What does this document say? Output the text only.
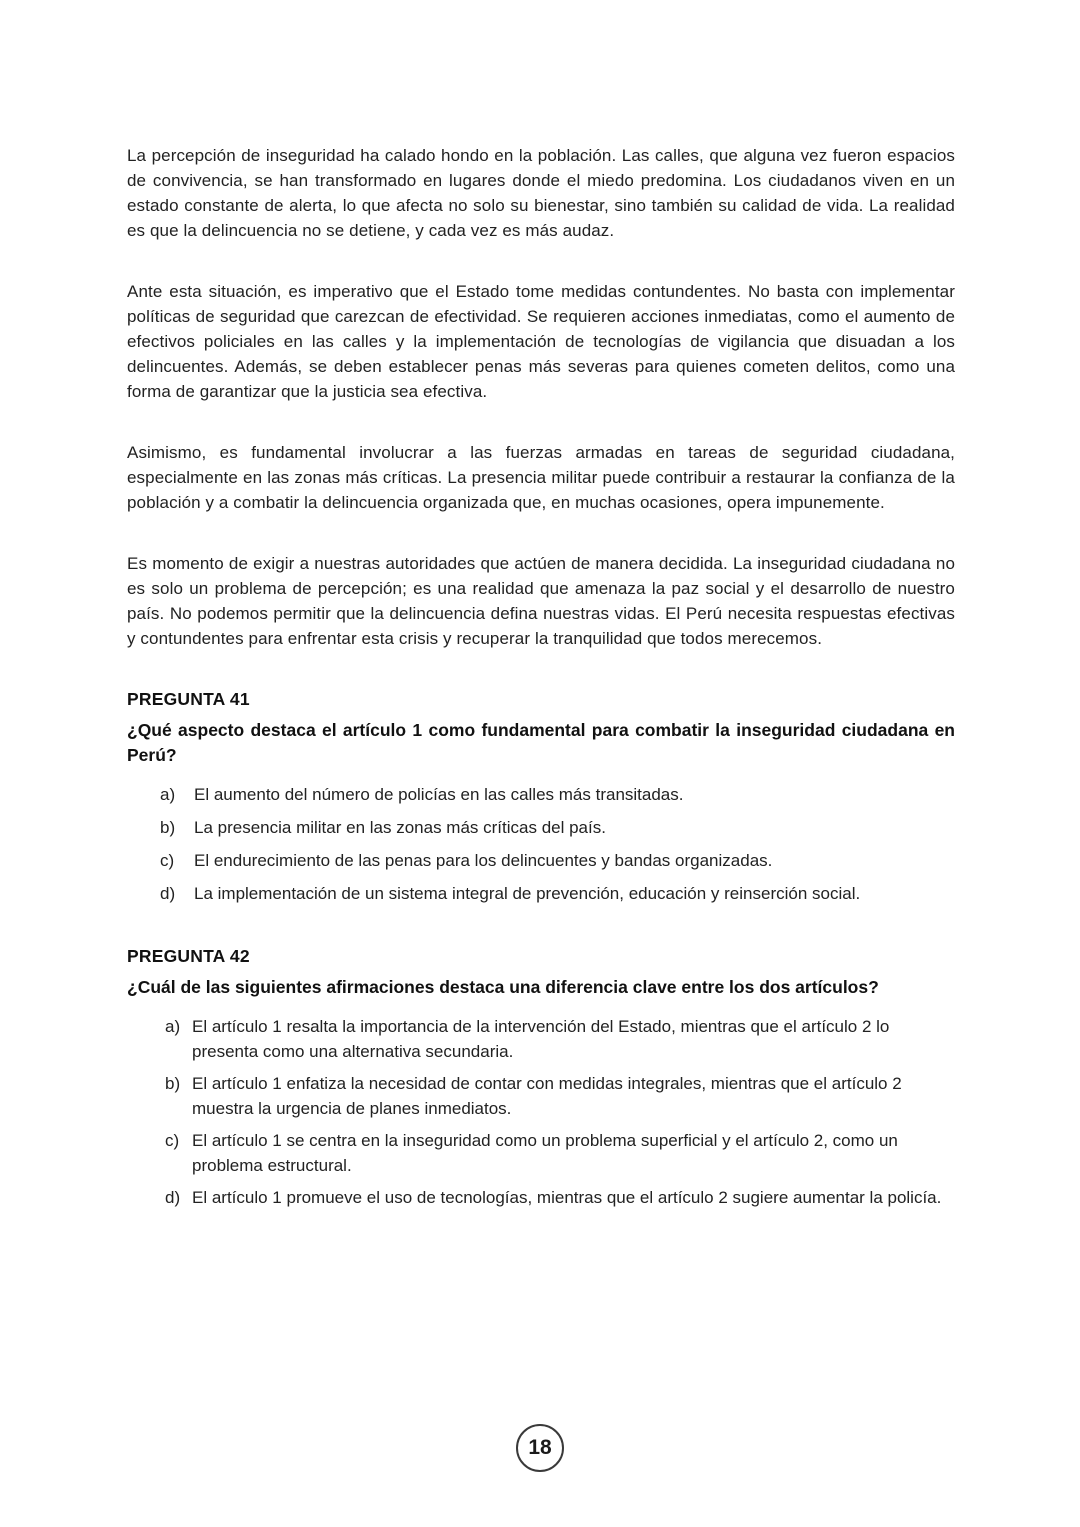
La percepción de inseguridad ha calado hondo en la población. Las calles, que alguna vez fueron espacios de convivencia, se han transformado en lugares donde el miedo predomina. Los ciudadanos viven en un estado constante de alerta, lo que afecta no solo su bienestar, sino también su calidad de vida. La realidad es que la delincuencia no se detiene, y cada vez es más audaz.

Ante esta situación, es imperativo que el Estado tome medidas contundentes. No basta con implementar políticas de seguridad que carezcan de efectividad. Se requieren acciones inmediatas, como el aumento de efectivos policiales en las calles y la implementación de tecnologías de vigilancia que disuadan a los delincuentes. Además, se deben establecer penas más severas para quienes cometen delitos, como una forma de garantizar que la justicia sea efectiva.

Asimismo, es fundamental involucrar a las fuerzas armadas en tareas de seguridad ciudadana, especialmente en las zonas más críticas. La presencia militar puede contribuir a restaurar la confianza de la población y a combatir la delincuencia organizada que, en muchas ocasiones, opera impunemente.

Es momento de exigir a nuestras autoridades que actúen de manera decidida. La inseguridad ciudadana no es solo un problema de percepción; es una realidad que amenaza la paz social y el desarrollo de nuestro país. No podemos permitir que la delincuencia defina nuestras vidas. El Perú necesita respuestas efectivas y contundentes para enfrentar esta crisis y recuperar la tranquilidad que todos merecemos.

PREGUNTA 41

¿Qué aspecto destaca el artículo 1 como fundamental para combatir la inseguridad ciudadana en Perú?

a)	El aumento del número de policías en las calles más transitadas.
b)	La presencia militar en las zonas más críticas del país.
c)	El endurecimiento de las penas para los delincuentes y bandas organizadas.
d)	La implementación de un sistema integral de prevención, educación y reinserción social.

PREGUNTA 42

¿Cuál de las siguientes afirmaciones destaca una diferencia clave entre los dos artículos?

a) El artículo 1 resalta la importancia de la intervención del Estado, mientras que el artículo 2 lo presenta como una alternativa secundaria.
b) El artículo 1 enfatiza la necesidad de contar con medidas integrales, mientras que el artículo 2 muestra la urgencia de planes inmediatos.
c) El artículo 1 se centra en la inseguridad como un problema superficial y el artículo 2, como un problema estructural.
d) El artículo 1 promueve el uso de tecnologías, mientras que el artículo 2 sugiere aumentar la policía.
18
